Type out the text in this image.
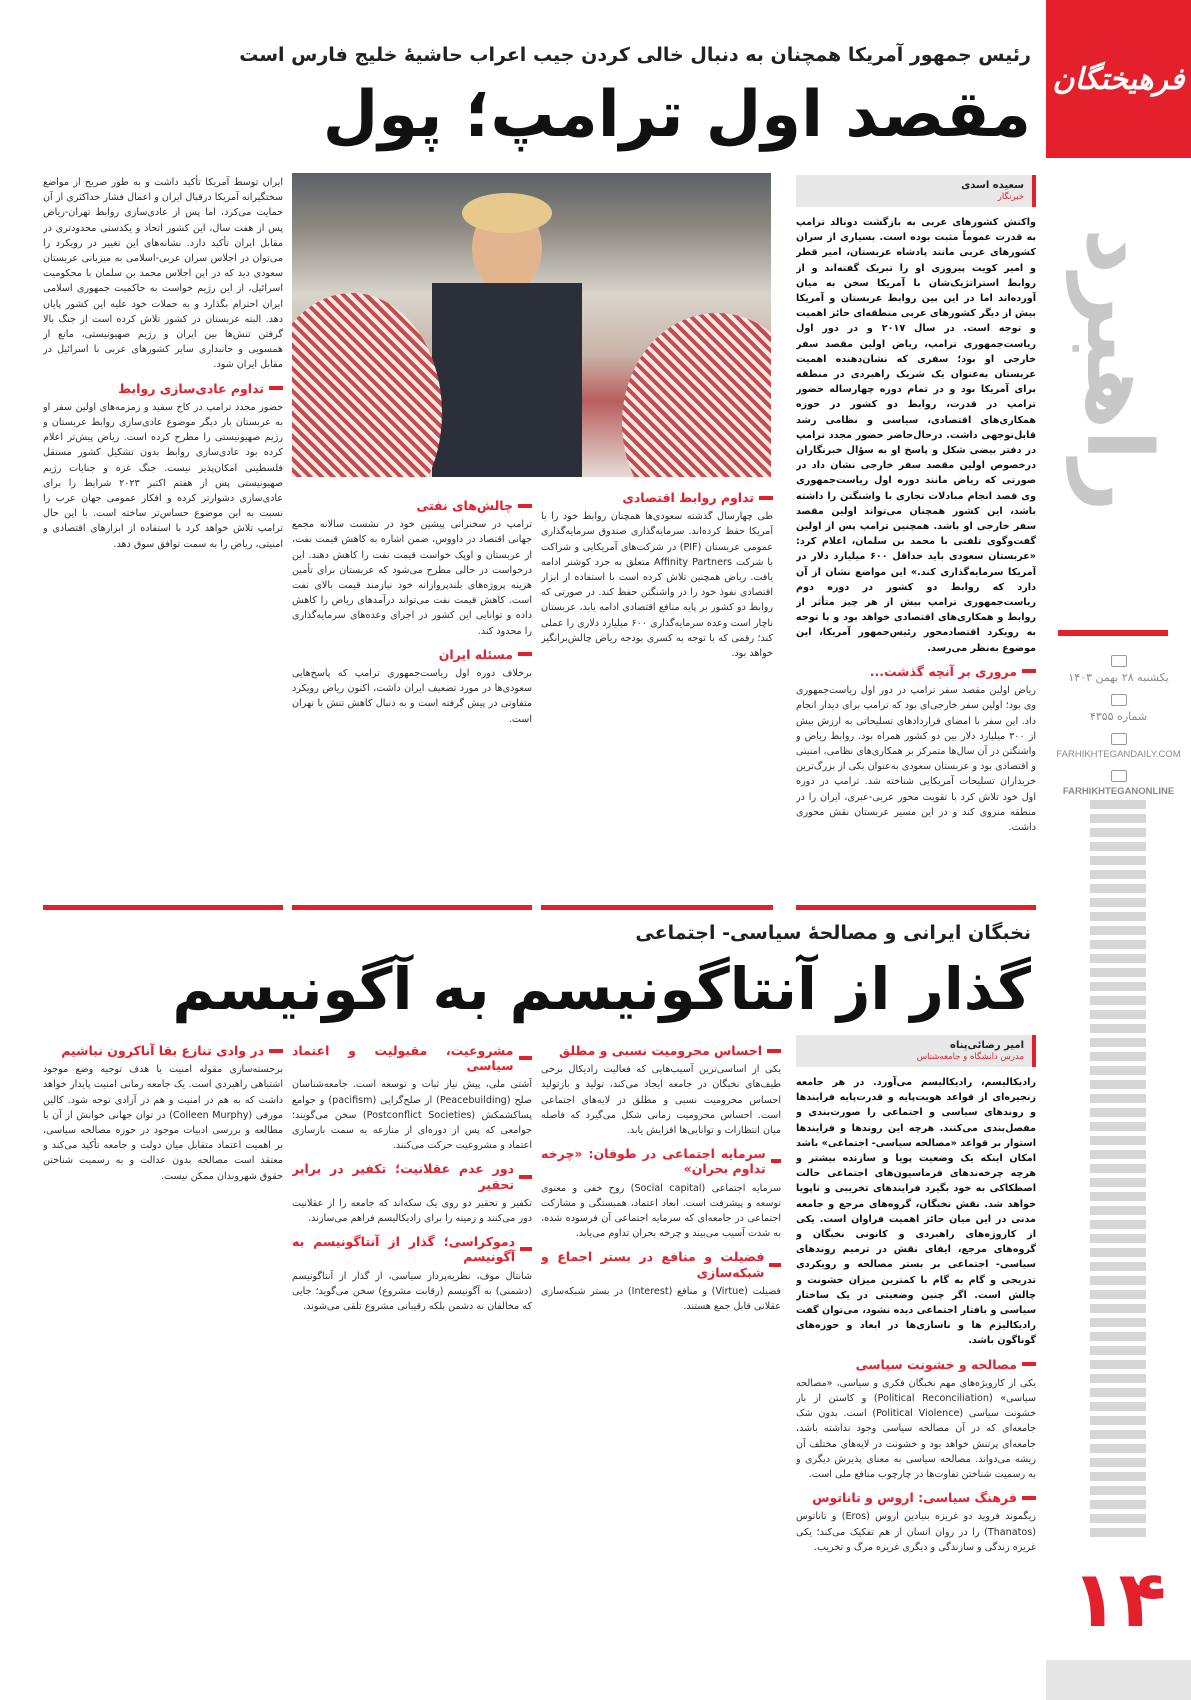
فرهیختگان
راهبرد
یکشنبه ۲۸ بهمن ۱۴۰۳
شماره ۴۳۵۵
FARHIKHTEGANDAILY.COM
FARHIKHTEGANONLINE
۱۴
رئیس جمهور آمریکا همچنان به دنبال خالی کردن جیب اعراب حاشیهٔ خلیج فارس است
مقصد اول ترامپ؛ پول
سعیده اسدی
خبرنگار

واکنش کشورهای عربی به بازگشت دونالد ترامپ به قدرت عموماً مثبت بوده است. بسیاری از سران کشورهای عربی مانند پادشاه عربستان، امیر قطر و امیر کویت پیروزی او را تبریک گفته‌اند و از روابط استراتژیک‌شان با آمریکا سخن به میان آورده‌اند اما در این بین روابط عربستان و آمریکا بیش از دیگر کشورهای عربی منطقه‌ای حائز اهمیت و توجه است. در سال ۲۰۱۷ و در دور اول ریاست‌جمهوری ترامپ، ریاض اولین مقصد سفر خارجی او بود؛ سفری که نشان‌دهنده اهمیت عربستان به‌عنوان یک شریک راهبردی در منطقه برای آمریکا بود و در تمام دوره چهارساله حضور ترامپ در قدرت، روابط دو کشور در حوزه همکاری‌های اقتصادی، سیاسی و نظامی رشد قابل‌توجهی داشت. درحال‌حاضر حضور مجدد ترامپ در دفتر بیضی شکل و پاسخ او به سؤال خبرنگاران درخصوص اولین مقصد سفر خارجی نشان داد در صورتی که ریاض مانند دوره اول ریاست‌جمهوری وی قصد انجام مبادلات تجاری با واشنگتن را داشته باشد، این کشور همچنان می‌تواند اولین مقصد سفر خارجی او باشد. همچنین ترامپ پس از اولین گفت‌وگوی تلفنی با محمد بن سلمان، اعلام کرد: «عربستان سعودی باید حداقل ۶۰۰ میلیارد دلار در آمریکا سرمایه‌گذاری کند.» این مواضع نشان از آن دارد که روابط دو کشور در دوره دوم ریاست‌جمهوری ترامپ بیش از هر چیز متأثر از روابط و همکاری‌های اقتصادی خواهد بود و با توجه به رویکرد اقتصادمحور رئیس‌جمهور آمریکا، این موضوع به‌نظر می‌رسد.

مروری بر آنچه گذشت...

ریاض اولین مقصد سفر ترامپ در دور اول ریاست‌جمهوری وی بود؛ اولین سفر خارجی‌ای بود که ترامپ برای دیدار انجام داد. این سفر با امضای قراردادهای تسلیحاتی به ارزش بیش از ۳۰۰ میلیارد دلار بین دو کشور همراه بود. روابط ریاض و واشنگتن در آن سال‌ها متمرکز بر همکاری‌های نظامی، امنیتی و اقتصادی بود و عربستان سعودی به‌عنوان یکی از بزرگ‌ترین خریداران تسلیحات آمریکایی شناخته شد. ترامپ در دوره اول خود تلاش کرد با تقویت محور عربی-عبری، ایران را در منطقه منزوی کند و در این مسیر عربستان نقش محوری داشت.

تداوم روابط اقتصادی

طی چهارسال گذشته سعودی‌ها همچنان روابط خود را با آمریکا حفظ کرده‌اند. سرمایه‌گذاری صندوق سرمایه‌گذاری عمومی عربستان (PIF) در شرکت‌های آمریکایی و شراکت با شرکت Affinity Partners متعلق به جرد کوشنر ادامه یافت. ریاض همچنین تلاش کرده است با استفاده از ابزار اقتصادی نفوذ خود را در واشنگتن حفظ کند. در صورتی که روابط دو کشور بر پایه منافع اقتصادی ادامه یابد، عربستان ناچار است وعده سرمایه‌گذاری ۶۰۰ میلیارد دلاری را عملی کند؛ رقمی که با توجه به کسری بودجه ریاض چالش‌برانگیز خواهد بود.

چالش‌های نفتی

ترامپ در سخنرانی پیشین خود در نشست سالانه مجمع جهانی اقتصاد در داووس، ضمن اشاره به کاهش قیمت نفت، از عربستان و اوپک خواست قیمت نفت را کاهش دهند. این درخواست در حالی مطرح می‌شود که عربستان برای تأمین هزینه پروژه‌های بلندپروازانه خود نیازمند قیمت بالای نفت است. کاهش قیمت نفت می‌تواند درآمدهای ریاض را کاهش داده و توانایی این کشور در اجرای وعده‌های سرمایه‌گذاری را محدود کند.

مسئله ایران

برخلاف دوره اول ریاست‌جمهوری ترامپ که پاسخ‌هایی سعودی‌ها در مورد تضعیف ایران داشت، اکنون ریاض رویکرد متفاوتی در پیش گرفته است و به دنبال کاهش تنش با تهران است.

ایران توسط آمریکا تأکید داشت و به طور صریح از مواضع سختگیرانه آمریکا درقبال ایران و اعمال فشار حداکثری از آن حمایت می‌کرد، اما پس از عادی‌سازی روابط تهران-ریاض پس از هفت سال، این کشور اتحاد و یکدستی محدودتری در مقابل ایران تأکید دارد. نشانه‌های این تغییر در رویکرد را می‌توان در اجلاس سران عربی-اسلامی به میزبانی عربستان سعودی دید که در این اجلاس محمد بن سلمان با محکومیت اسرائیل، از این رژیم خواست به حاکمیت جمهوری اسلامی ایران احترام بگذارد و به حملات خود علیه این کشور پایان دهد. البته عربستان در کشور تلاش کرده است از جنگ بالا گرفتن تنش‌ها بین ایران و رژیم صهیونیستی، مانع از همسویی و جانبداری سایر کشورهای عربی با اسرائیل در مقابل ایران شود.

تداوم عادی‌سازی روابط

حضور مجدد ترامپ در کاخ سفید و زمزمه‌های اولین سفر او به عربستان بار دیگر موضوع عادی‌سازی روابط عربستان و رژیم صهیونیستی را مطرح کرده است. ریاض پیش‌تر اعلام کرده بود عادی‌سازی روابط بدون تشکیل کشور مستقل فلسطینی امکان‌پذیر نیست. جنگ غزه و جنایات رژیم صهیونیستی پس از هفتم اکتبر ۲۰۲۳ شرایط را برای عادی‌سازی دشوارتر کرده و افکار عمومی جهان عرب را نسبت به این موضوع حساس‌تر ساخته است. با این حال ترامپ تلاش خواهد کرد با استفاده از ابزارهای اقتصادی و امنیتی، ریاض را به سمت توافق سوق دهد.

نخبگان ایرانی و مصالحهٔ سیاسی- اجتماعی
گذار از آنتاگونیسم به آگونیسم
امیر رضائی‌پناه
مدرس دانشگاه و جامعه‌شناس

رادیکالیسم، رادیکالیسم می‌آورد. در هر جامعه زنجیره‌ای از قواعد هویت‌پایه و قدرت‌پایه فرایندها و روندهای سیاسی و اجتماعی را صورت‌بندی و مفصل‌بندی می‌کنند. هرچه این روندها و فرایندها استوار بر قواعد «مصالحه سیاسی- اجتماعی» باشد امکان اینکه یک وضعیت پویا و سازنده بیشتر و هرچه چرخه‌ندهای فرماسیون‌های اجتماعی حالت اصطکاکی به خود بگیرد فرایندهای تخریبی و ناپویا خواهد شد. نقش نخبگان، گروه‌های مرجع و جامعه مدنی در این میان حائز اهمیت فراوان است. یکی از کاروژه‌های راهبردی و کانونی نخبگان و گروه‌های مرجع، ایفای نقش در ترمیم روندهای سیاسی- اجتماعی بر بستر مصالحه و رویکردی تدریجی و گام به گام با کمترین میزان خشونت و چالش است. اگر چنین وضعیتی در یک ساختار سیاسی و بافتار اجتماعی دیده نشود، می‌توان گفت رادیکالیزم ها و ناسازی‌ها در ابعاد و حوزه‌های گوناگون باشد.

مصالحه و خشونت سیاسی

یکی از کارویژه‌های مهم نخبگان فکری و سیاسی، «مصالحه سیاسی» (Political Reconciliation) و کاستن از بار خشونت سیاسی (Political Violence) است. بدون شک جامعه‌ای که در آن مصالحه سیاسی وجود نداشته باشد، جامعه‌ای پرتنش خواهد بود و خشونت در لایه‌های مختلف آن ریشه می‌دواند. مصالحه سیاسی به معنای پذیرش دیگری و به رسمیت شناختن تفاوت‌ها در چارچوب منافع ملی است.

فرهنگ سیاسی: اروس و تاناتوس

زیگموند فروید دو غریزه بنیادین اروس (Eros) و تاناتوس (Thanatos) را در روان انسان از هم تفکیک می‌کند؛ یکی غریزه زندگی و سازندگی و دیگری غریزه مرگ و تخریب.

احساس محرومیت نسبی و مطلق

یکی از اساسی‌ترین آسیب‌هایی که فعالیت رادیکال برخی طیف‌های نخبگان در جامعه ایجاد می‌کند، تولید و بازتولید احساس محرومیت نسبی و مطلق در لایه‌های اجتماعی است. احساس محرومیت زمانی شکل می‌گیرد که فاصله میان انتظارات و توانایی‌ها افزایش یابد.

سرمایه اجتماعی در طوفان: «چرخه تداوم بحران»

سرمایه اجتماعی (Social capital) روح خفی و معنوی توسعه و پیشرفت است. ابعاد اعتماد، همبستگی و مشارکت اجتماعی در جامعه‌ای که سرمایه اجتماعی آن فرسوده شده، به شدت آسیب می‌بیند و چرخه بحران تداوم می‌یابد.

فضیلت و منافع در بستر اجماع و شبکه‌سازی

فضیلت (Virtue) و منافع (Interest) در بستر شبکه‌سازی عقلانی قابل جمع هستند.

مشروعیت، مقبولیت و اعتماد سیاسی

آشتی ملی، پیش نیاز ثبات و توسعه است. جامعه‌شناسان صلح (Peacebuilding) از صلح‌گرایی (pacifism) و جوامع پساکشمکش (Postconflict Societies) سخن می‌گویند؛ جوامعی که پس از دوره‌ای از منازعه به سمت بازسازی اعتماد و مشروعیت حرکت می‌کنند.

دور عدم عقلانیت؛ تکفیر در برابر تحقیر

تکفیر و تحقیر دو روی یک سکه‌اند که جامعه را از عقلانیت دور می‌کنند و زمینه را برای رادیکالیسم فراهم می‌سازند.

دموکراسی؛ گذار از آنتاگونیسم به آگونیسم

شانتال موف، نظریه‌پرداز سیاسی، از گذار از آنتاگونیسم (دشمنی) به آگونیسم (رقابت مشروع) سخن می‌گوید؛ جایی که مخالفان نه دشمن بلکه رقیبانی مشروع تلقی می‌شوند.

در وادی تنازع بقا آناکرون نباشیم

برجسته‌سازی مقوله امنیت یا هدف توجیه وضع موجود اشتباهی راهبردی است. یک جامعه زمانی امنیت پایدار خواهد داشت که به هم در امنیت و هم در آزادی توجه شود. کالین مورفی (Colleen Murphy) در توان جهانی خوانش از آن با مطالعه و بررسی ادبیات موجود در حوزه مصالحه سیاسی، بر اهمیت اعتماد متقابل میان دولت و جامعه تأکید می‌کند و معتقد است مصالحه بدون عدالت و به رسمیت شناختن حقوق شهروندان ممکن نیست.
